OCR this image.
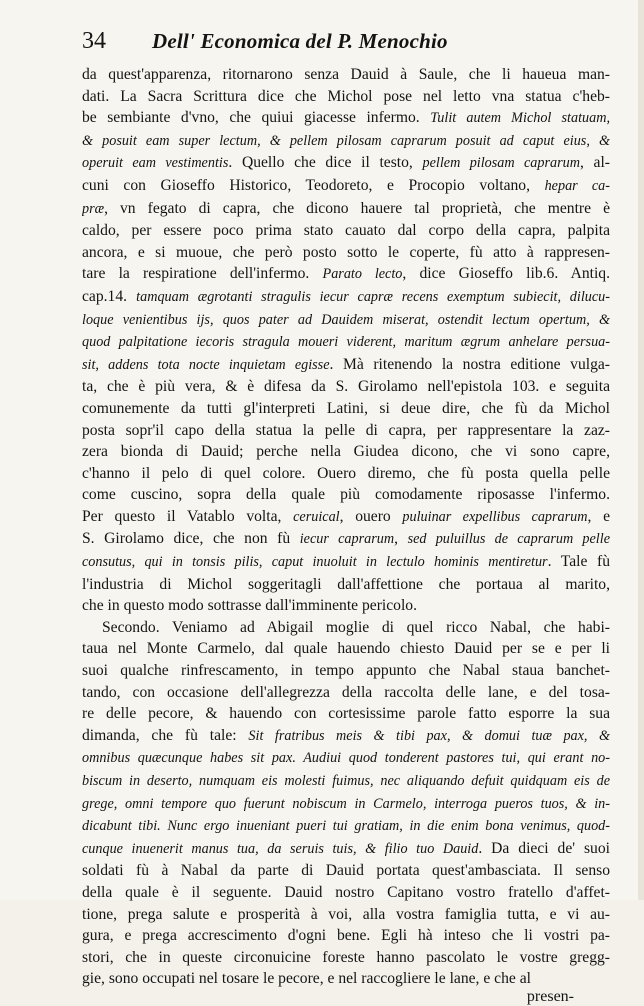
34	Dell' Economica del P. Menochio
da quest'apparenza, ritornarono senza Dauid à Saule, che li haueua man-
dati. La Sacra Scrittura dice che Michol pose nel letto vna statua c'heb-
be sembiante d'vno, che quiui giacesse infermo. Tulit autem Michol statuam,
& posuit eam super lectum, & pellem pilosam caprarum posuit ad caput eius, &
operuit eam vestimentis. Quello che dice il testo, pellem pilosam caprarum, al-
cuni con Gioseffo Historico, Teodoreto, e Procopio voltano, hepar ca-
præ, vn fegato di capra, che dicono hauere tal proprietà, che mentre è
caldo, per essere poco prima stato cauato dal corpo della capra, palpita
ancora, e si muoue, che però posto sotto le coperte, fù atto à rappresen-
tare la respiratione dell'infermo. Parato lecto, dice Gioseffo lib.6. Antiq.
cap.14. tamquam ægrotanti stragulis iecur capræ recens exemptum subiecit, dilucu-
loque venientibus ijs, quos pater ad Dauidem miserat, ostendit lectum opertum, &
quod palpitatione iecoris stragula moueri viderent, maritum ægrum anhelare persua-
sit, addens tota nocte inquietam egisse. Mà ritenendo la nostra editione vulga-
ta, che è più vera, & è difesa da S. Girolamo nell'epistola 103. e seguita
comunemente da tutti gl'interpreti Latini, si deue dire, che fù da Michol
posta sopr'il capo della statua la pelle di capra, per rappresentare la zaz-
zera bionda di Dauid; perche nella Giudea dicono, che vi sono capre,
c'hanno il pelo di quel colore. Ouero diremo, che fù posta quella pelle
come cuscino, sopra della quale più comodamente riposasse l'infermo.
Per questo il Vatablo volta, ceruical, ouero puluinar expellibus caprarum, e
S. Girolamo dice, che non fù iecur caprarum, sed puluillus de caprarum pelle
consutus, qui in tonsis pilis, caput inuoluit in lectulo hominis mentiretur. Tale fù
l'industria di Michol soggeritagli dall'affettione che portaua al marito,
che in questo modo sottrasse dall'imminente pericolo.
Secondo. Veniamo ad Abigail moglie di quel ricco Nabal, che habi-
taua nel Monte Carmelo, dal quale hauendo chiesto Dauid per se e per li
suoi qualche rinfrescamento, in tempo appunto che Nabal staua banchet-
tando, con occasione dell'allegrezza della raccolta delle lane, e del tosa-
re delle pecore, & hauendo con cortesissime parole fatto esporre la sua
dimanda, che fù tale: Sit fratribus meis & tibi pax, & domui tuæ pax, &
omnibus quæcunque habes sit pax. Audiui quod tonderent pastores tui, qui erant no-
biscum in deserto, numquam eis molesti fuimus, nec aliquando defuit quidquam eis de
grege, omni tempore quo fuerunt nobiscum in Carmelo, interroga pueros tuos, & in-
dicabunt tibi. Nunc ergo inueniant pueri tui gratiam, in die enim bona venimus, quod-
cunque inuenerit manus tua, da seruis tuis, & filio tuo Dauid. Da dieci de' suoi
soldati fù à Nabal da parte di Dauid portata quest'ambasciata. Il senso
della quale è il seguente. Dauid nostro Capitano vostro fratello d'affet-
tione, prega salute e prosperità à voi, alla vostra famiglia tutta, e vi au-
gura, e prega accrescimento d'ogni bene. Egli hà inteso che li vostri pa-
stori, che in queste circonuicine foreste hanno pascolato le vostre gregg-
gie, sono occupati nel tosare le pecore, e nel raccogliere le lane, e che al
presen-
